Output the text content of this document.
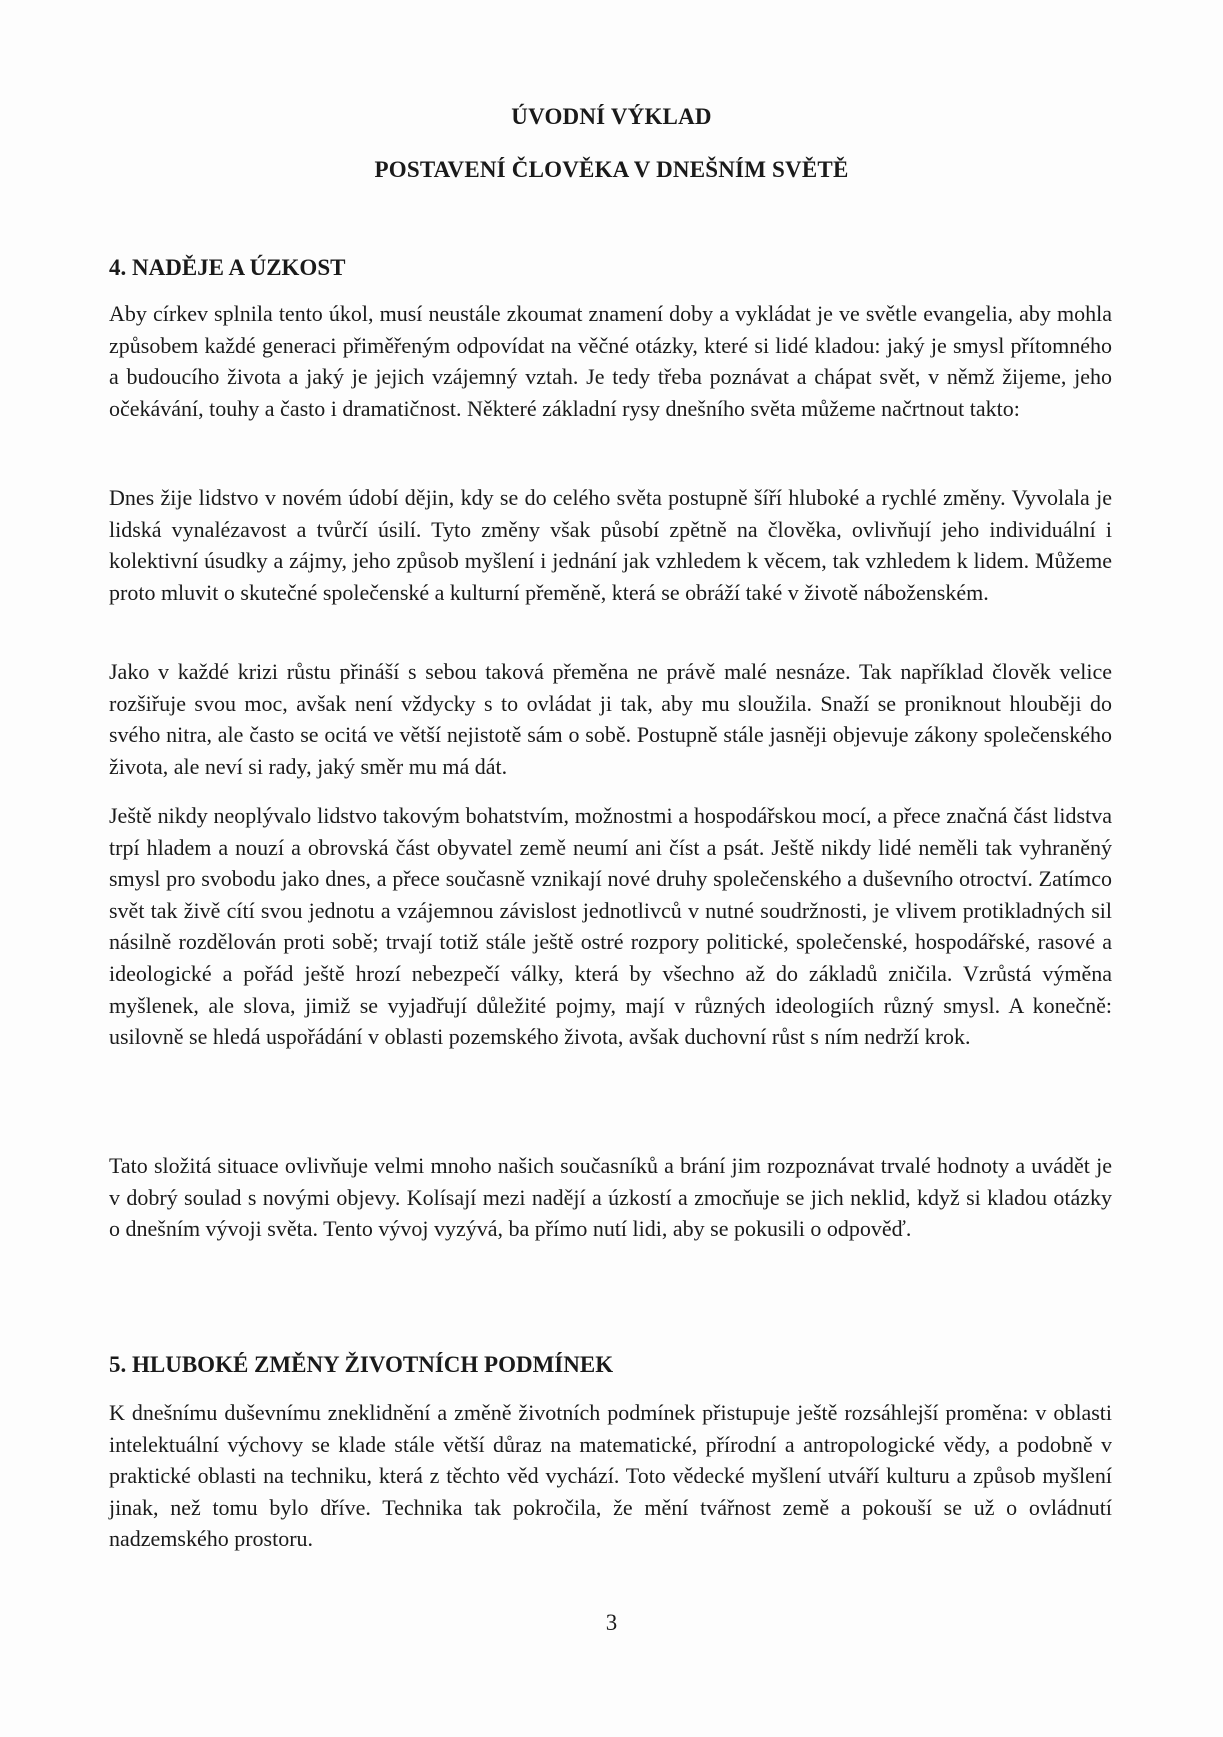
ÚVODNÍ VÝKLAD
POSTAVENÍ ČLOVĚKA V DNEŠNÍM SVĚTĚ
4. NADĚJE A ÚZKOST

Aby církev splnila tento úkol, musí neustále zkoumat znamení doby a vykládat je ve světle evangelia, aby mohla způsobem každé generaci přiměřeným odpovídat na věčné otázky, které si lidé kladou: jaký je smysl přítomného a budoucího života a jaký je jejich vzájemný vztah. Je tedy třeba poznávat a chápat svět, v němž žijeme, jeho očekávání, touhy a často i dramatičnost. Některé základní rysy dnešního světa můžeme načrtnout takto:

Dnes žije lidstvo v novém údobí dějin, kdy se do celého světa postupně šíří hluboké a rychlé změny. Vyvolala je lidská vynalézavost a tvůrčí úsilí. Tyto změny však působí zpětně na člověka, ovlivňují jeho individuální i kolektivní úsudky a zájmy, jeho způsob myšlení i jednání jak vzhledem k věcem, tak vzhledem k lidem. Můžeme proto mluvit o skutečné společenské a kulturní přeměně, která se obráží také v životě náboženském.

Jako v každé krizi růstu přináší s sebou taková přeměna ne právě malé nesnáze. Tak například člověk velice rozšiřuje svou moc, avšak není vždycky s to ovládat ji tak, aby mu sloužila. Snaží se proniknout hlouběji do svého nitra, ale často se ocitá ve větší nejistotě sám o sobě. Postupně stále jasněji objevuje zákony společenského života, ale neví si rady, jaký směr mu má dát.

Ještě nikdy neoplývalo lidstvo takovým bohatstvím, možnostmi a hospodářskou mocí, a přece značná část lidstva trpí hladem a nouzí a obrovská část obyvatel země neumí ani číst a psát. Ještě nikdy lidé neměli tak vyhraněný smysl pro svobodu jako dnes, a přece současně vznikají nové druhy společenského a duševního otroctví. Zatímco svět tak živě cítí svou jednotu a vzájemnou závislost jednotlivců v nutné soudržnosti, je vlivem protikladných sil násilně rozdělován proti sobě; trvají totiž stále ještě ostré rozpory politické, společenské, hospodářské, rasové a ideologické a pořád ještě hrozí nebezpečí války, která by všechno až do základů zničila. Vzrůstá výměna myšlenek, ale slova, jimiž se vyjadřují důležité pojmy, mají v různých ideologiích různý smysl. A konečně: usilovně se hledá uspořádání v oblasti pozemského života, avšak duchovní růst s ním nedrží krok.

Tato složitá situace ovlivňuje velmi mnoho našich současníků a brání jim rozpoznávat trvalé hodnoty a uvádět je v dobrý soulad s novými objevy. Kolísají mezi nadějí a úzkostí a zmocňuje se jich neklid, když si kladou otázky o dnešním vývoji světa. Tento vývoj vyzývá, ba přímo nutí lidi, aby se pokusili o odpověď.

5. HLUBOKÉ ZMĚNY ŽIVOTNÍCH PODMÍNEK

K dnešnímu duševnímu zneklidnění a změně životních podmínek přistupuje ještě rozsáhlejší proměna: v oblasti intelektuální výchovy se klade stále větší důraz na matematické, přírodní a antropologické vědy, a podobně v praktické oblasti na techniku, která z těchto věd vychází. Toto vědecké myšlení utváří kulturu a způsob myšlení jinak, než tomu bylo dříve. Technika tak pokročila, že mění tvářnost země a pokouší se už o ovládnutí nadzemského prostoru.

3
